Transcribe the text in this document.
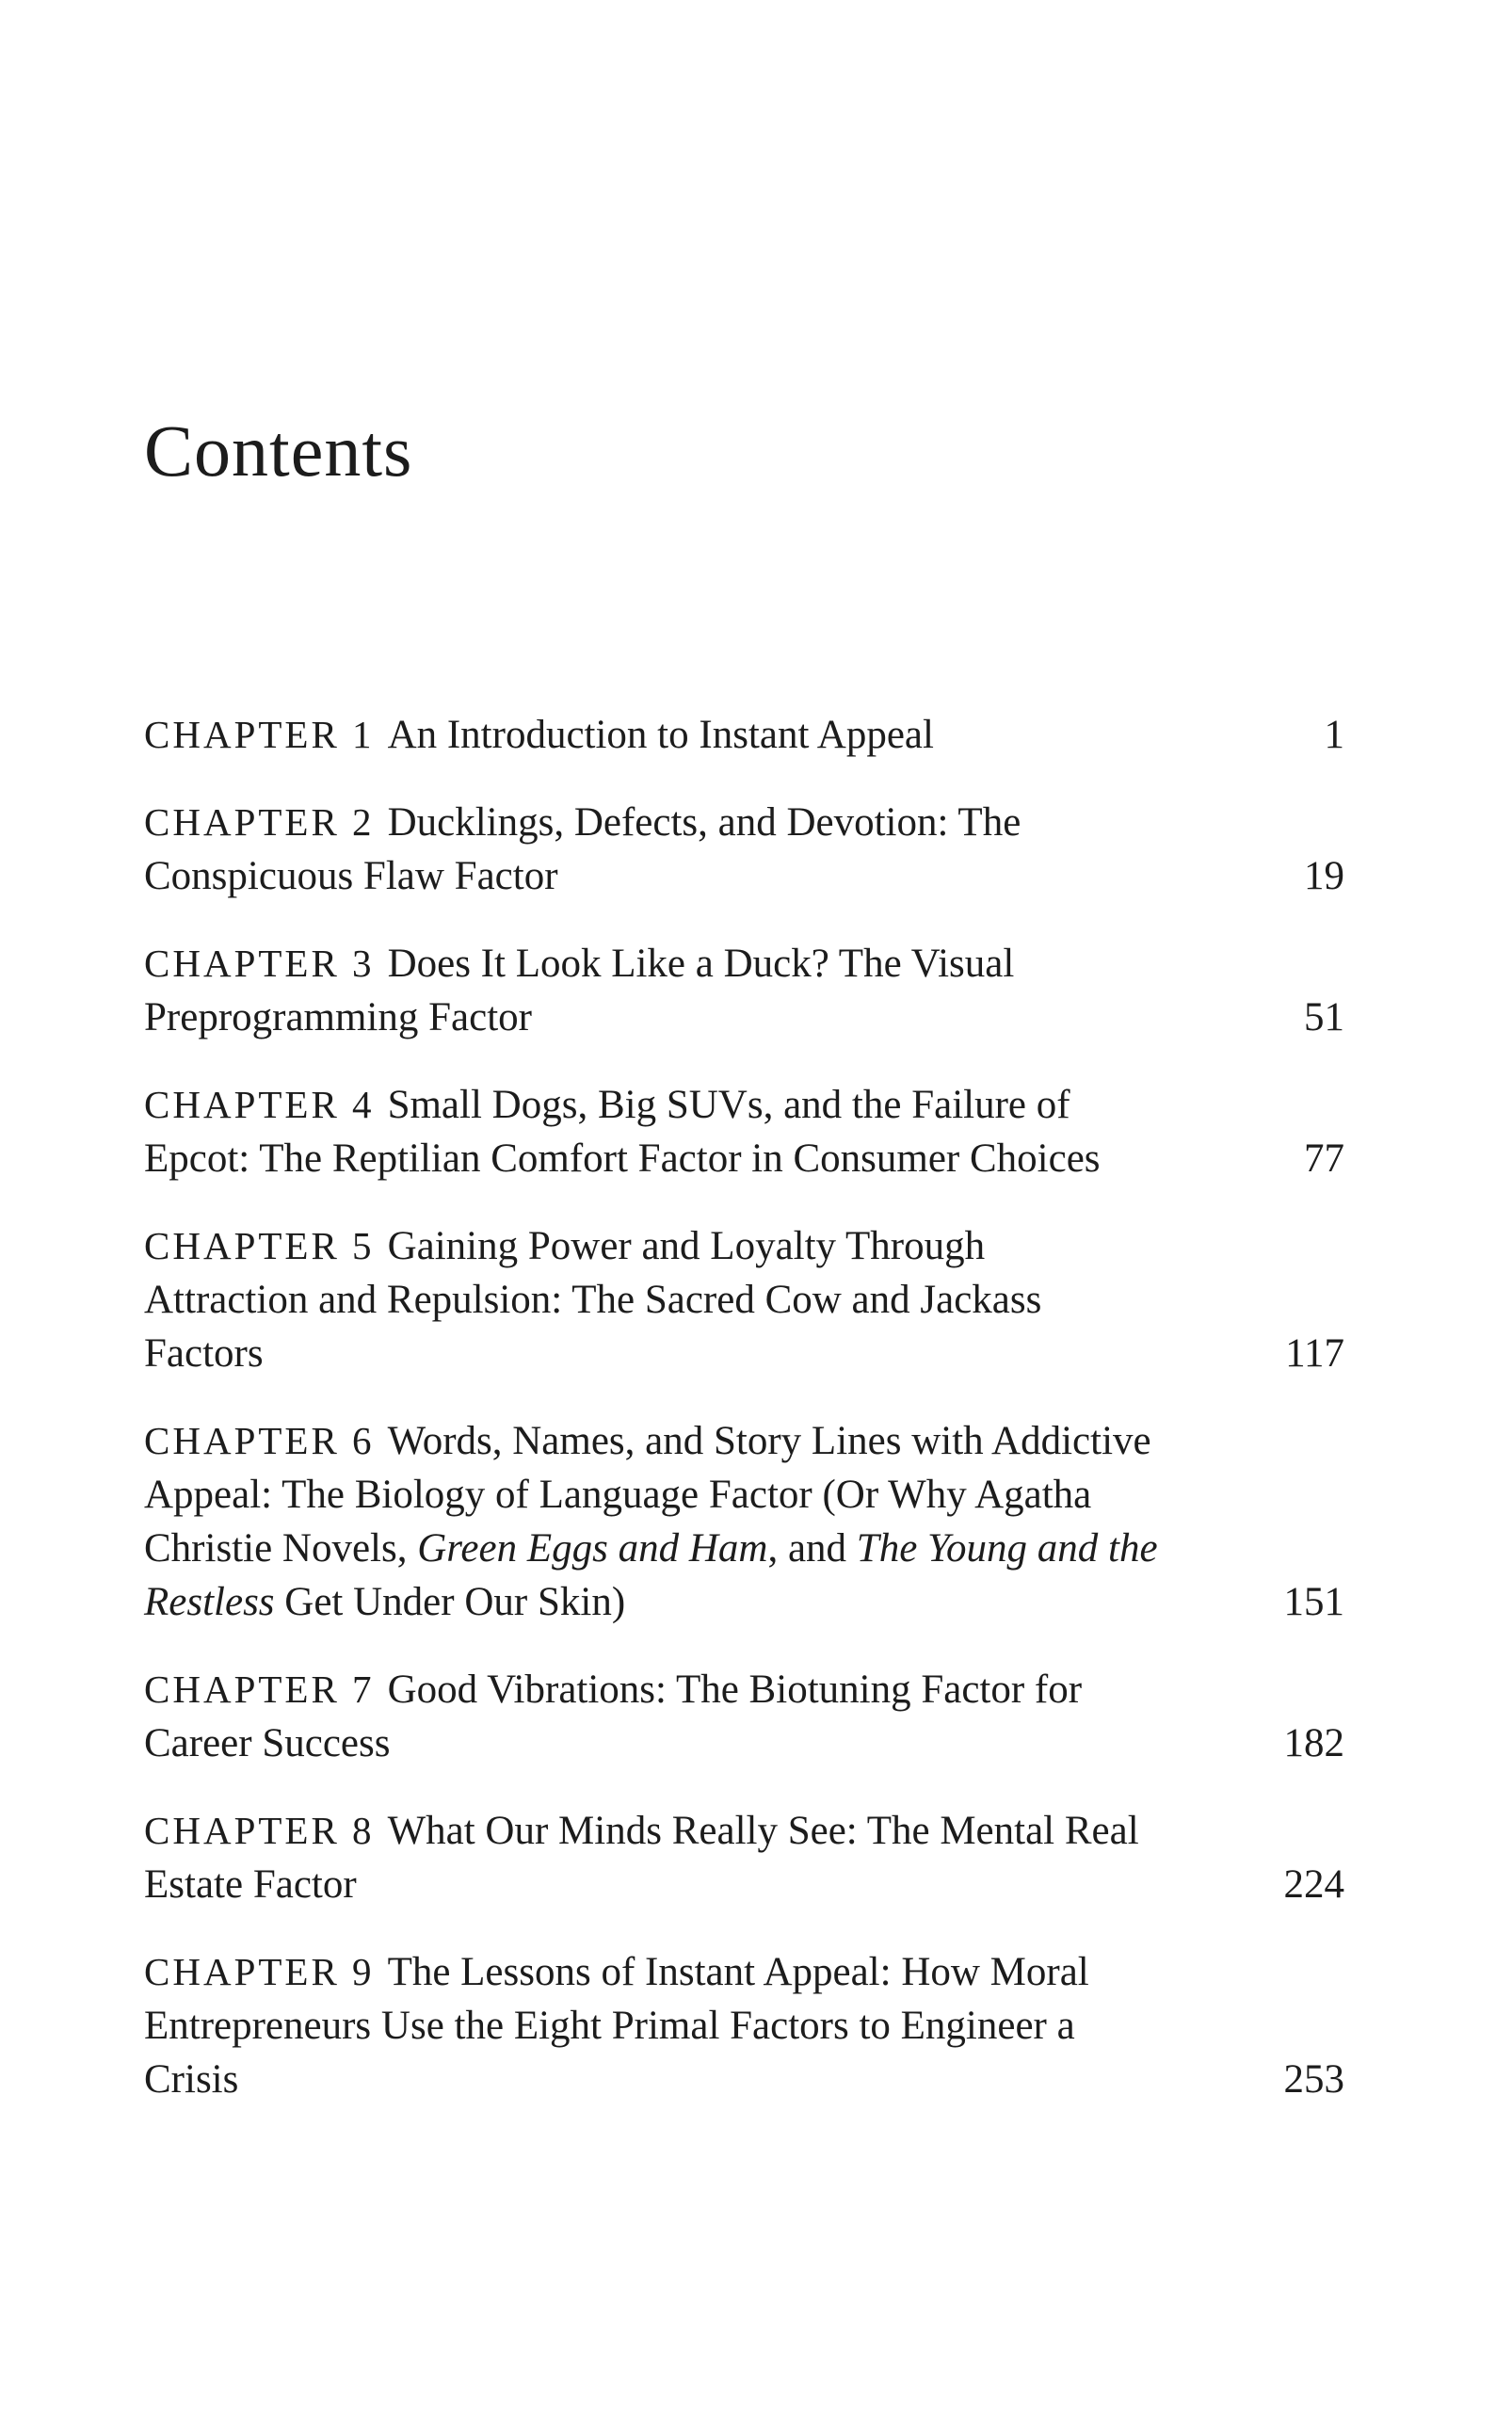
Contents
CHAPTER 1 An Introduction to Instant Appeal	1
CHAPTER 2 Ducklings, Defects, and Devotion: The Conspicuous Flaw Factor	19
CHAPTER 3 Does It Look Like a Duck? The Visual Preprogramming Factor	51
CHAPTER 4 Small Dogs, Big SUVs, and the Failure of Epcot: The Reptilian Comfort Factor in Consumer Choices	77
CHAPTER 5 Gaining Power and Loyalty Through Attraction and Repulsion: The Sacred Cow and Jackass Factors	117
CHAPTER 6 Words, Names, and Story Lines with Addictive Appeal: The Biology of Language Factor (Or Why Agatha Christie Novels, Green Eggs and Ham, and The Young and the Restless Get Under Our Skin)	151
CHAPTER 7 Good Vibrations: The Biotuning Factor for Career Success	182
CHAPTER 8 What Our Minds Really See: The Mental Real Estate Factor	224
CHAPTER 9 The Lessons of Instant Appeal: How Moral Entrepreneurs Use the Eight Primal Factors to Engineer a Crisis	253
